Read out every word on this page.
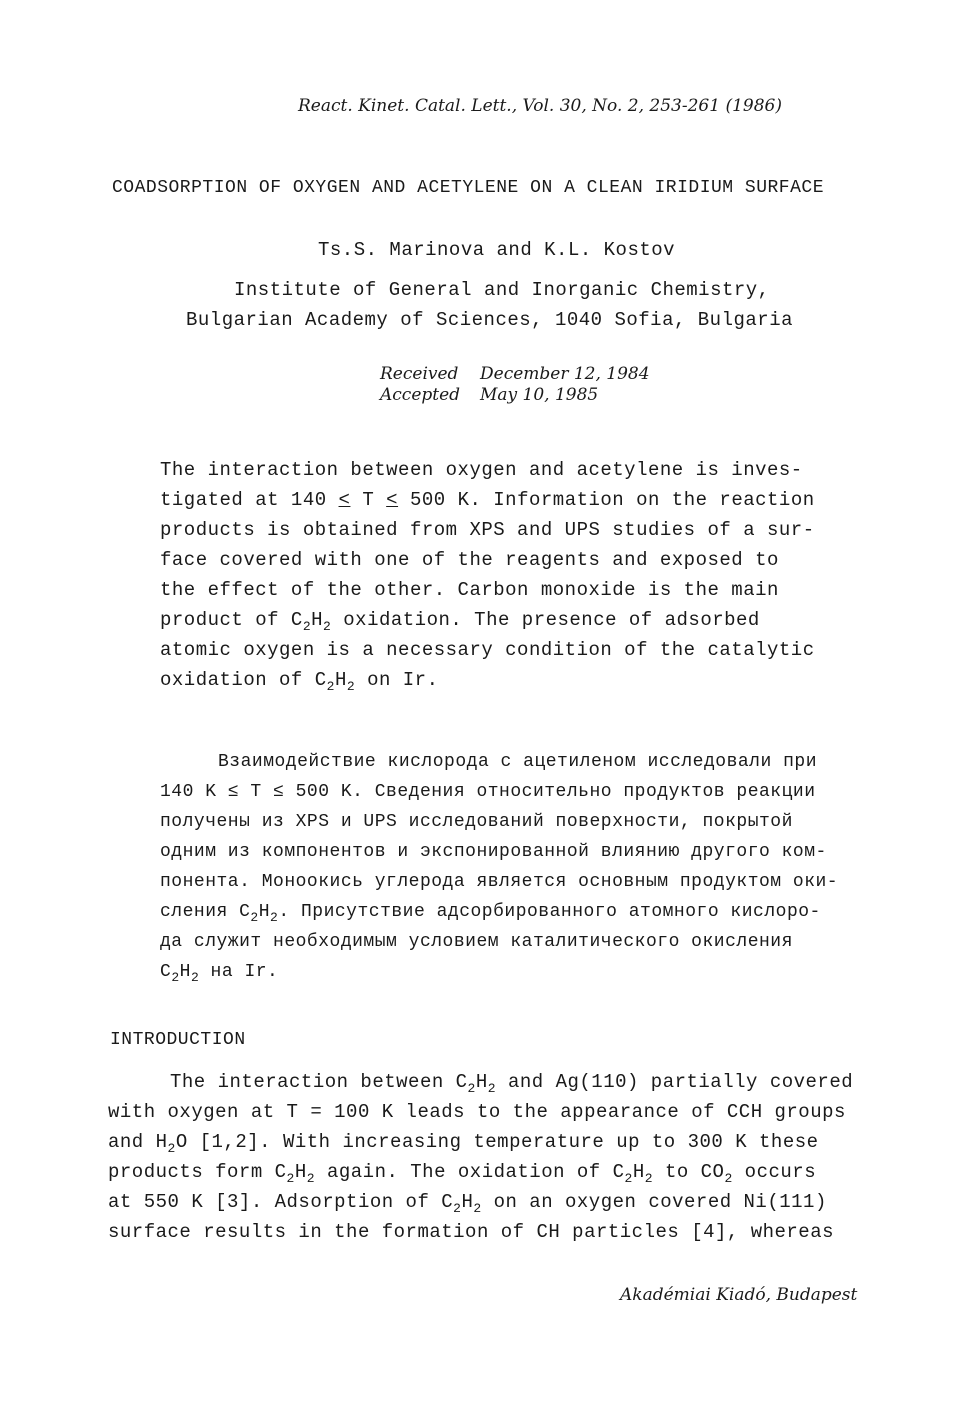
React. Kinet. Catal. Lett., Vol. 30, No. 2, 253-261 (1986)
COADSORPTION OF OXYGEN AND ACETYLENE ON A CLEAN IRIDIUM SURFACE
Ts.S. Marinova and K.L. Kostov
Institute of General and Inorganic Chemistry,
Bulgarian Academy of Sciences, 1040 Sofia, Bulgaria
Received December 12, 1984
Accepted May 10, 1985
The interaction between oxygen and acetylene is inves-
tigated at 140 ≤ T ≤ 500 K. Information on the reaction
products is obtained from XPS and UPS studies of a sur-
face covered with one of the reagents and exposed to
the effect of the other. Carbon monoxide is the main
product of $C_2H_2$ oxidation. The presence of adsorbed
atomic oxygen is a necessary condition of the catalytic
oxidation of $C_2H_2$ on Ir.
Взаимодействие кислорода с ацетиленом исследовали при
140 K ≤ T ≤ 500 K. Сведения относительно продуктов реакции
получены из XPS и UPS исследований поверхности, покрытой
одним из компонентов и экспонированной влиянию другого ком-
понента. Моноокись углерода является основным продуктом оки-
сления $C_2H_2$. Присутствие адсорбированного атомного кислоро-
да служит необходимым условием каталитического окисления
$C_2H_2$ на Ir.
INTRODUCTION
The interaction between $C_2H_2$ and Ag(110) partially covered
with oxygen at T = 100 K leads to the appearance of CCH groups
and $H_2O$ [1,2]. With increasing temperature up to 300 K these
products form $C_2H_2$ again. The oxidation of $C_2H_2$ to $CO_2$ occurs
at 550 K [3]. Adsorption of $C_2H_2$ on an oxygen covered Ni(111)
surface results in the formation of CH particles [4], whereas
Akadémiai Kiadó, Budapest
